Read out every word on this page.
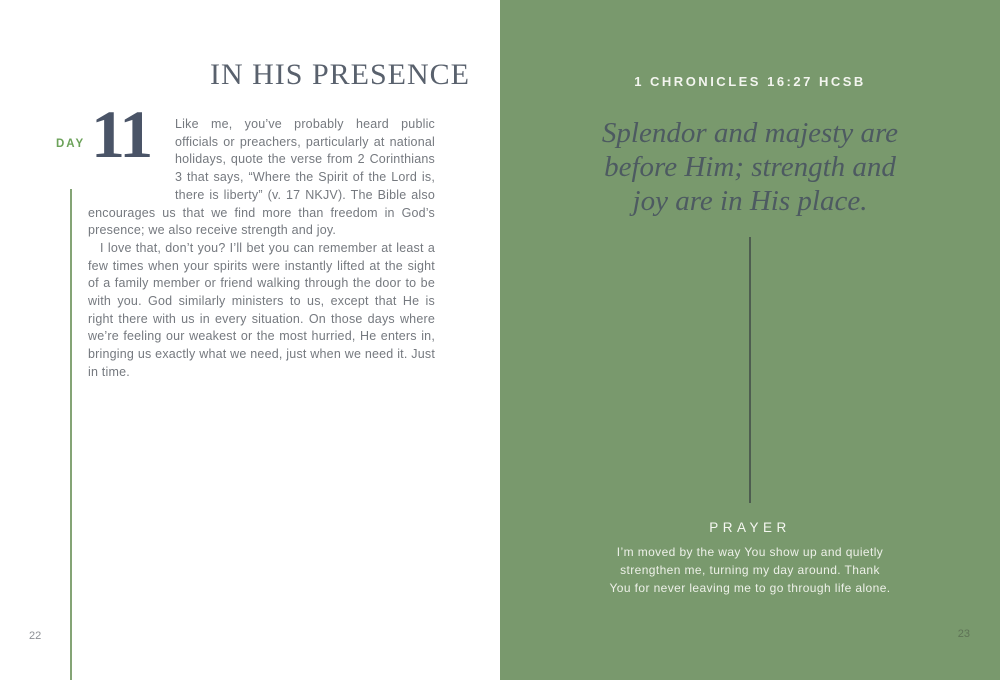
IN HIS PRESENCE
DAY 11	Like me, you’ve probably heard public officials or preachers, particularly at national holidays, quote the verse from 2 Corinthians 3 that says, “Where the Spirit of the Lord is, there is liberty” (v. 17 NKJV). The Bible also encourages us that we find more than freedom in God’s presence; we also receive strength and joy.

I love that, don’t you? I’ll bet you can remember at least a few times when your spirits were instantly lifted at the sight of a family member or friend walking through the door to be with you. God similarly ministers to us, except that He is right there with us in every situation. On those days where we’re feeling our weakest or the most hurried, He enters in, bringing us exactly what we need, just when we need it. Just in time.

22
1 CHRONICLES 16:27 HCSB
Splendor and majesty are
before Him; strength and
joy are in His place.
PRAYER
I’m moved by the way You show up and quietly
strengthen me, turning my day around. Thank
You for never leaving me to go through life alone.
23
